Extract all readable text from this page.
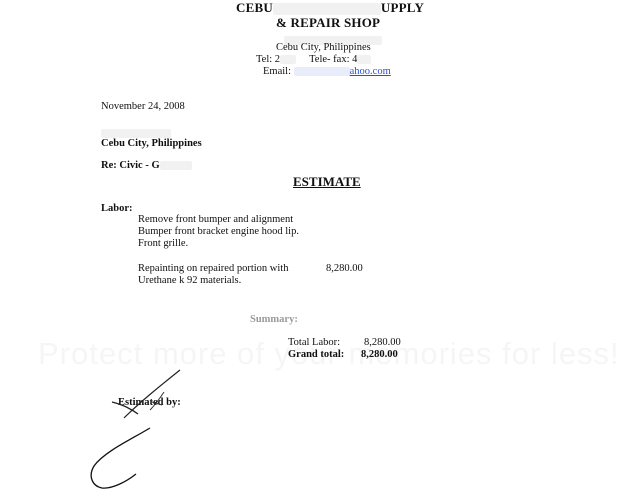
CEBU	UPPLY
& REPAIR SHOP
Cebu City, Philippines
Tel: 2	Tele- fax: 4
Email:	ahoo.com
November 24, 2008
Cebu City, Philippines
Re: Civic - G
ESTIMATE
Labor:
Remove front bumper and alignment
Bumper front bracket engine hood lip.
Front grille.
Repainting on repaired portion with	8,280.00
Urethane k 92 materials.
Summary:
Total Labor: 8,280.00
Grand total: 8,280.00
Estimated by:
